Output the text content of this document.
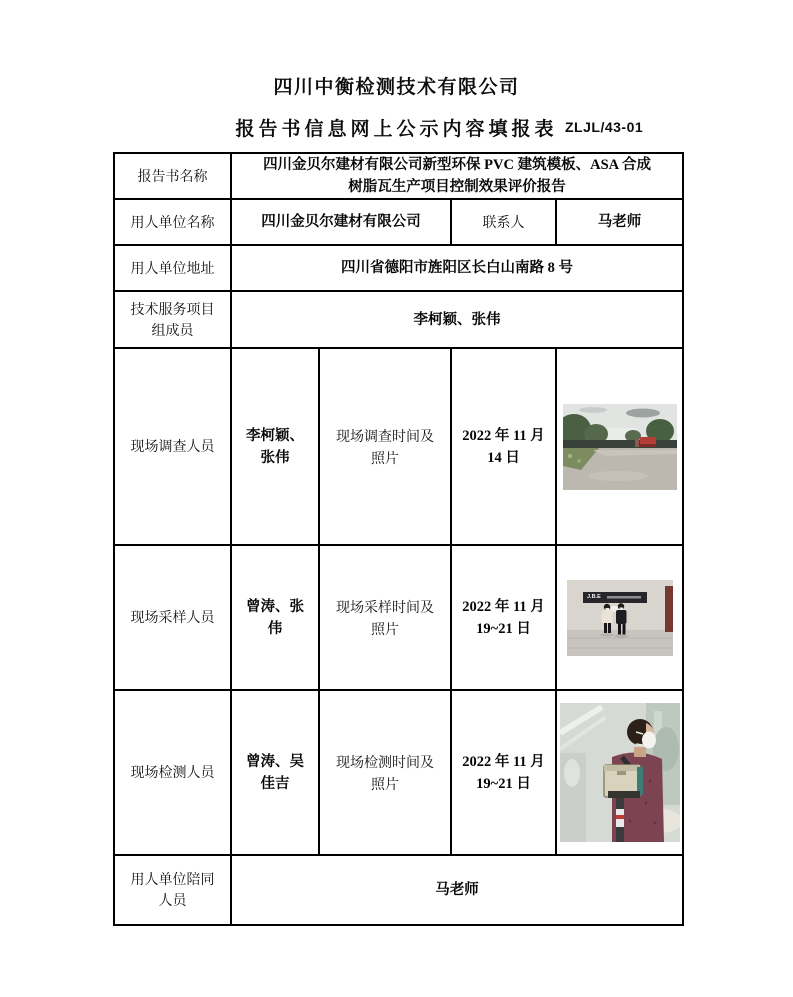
四川中衡检测技术有限公司
报告书信息网上公示内容填报表 ZLJL/43-01
报告书名称	四川金贝尔建材有限公司新型环保 PVC 建筑模板、ASA 合成树脂瓦生产项目控制效果评价报告			
用人单位名称	四川金贝尔建材有限公司		联系人	马老师
用人单位地址	四川省德阳市旌阳区长白山南路 8 号			
技术服务项目组成员	李柯颖、张伟			
现场调查人员	李柯颖、张伟	现场调查时间及照片	2022 年 11 月 14 日	

现场采样人员	曾涛、张伟	现场采样时间及照片	2022 年 11 月 19~21 日	J.B.E

现场检测人员	曾涛、吴佳吉	现场检测时间及照片	2022 年 11 月 19~21 日	

用人单位陪同人员	马老师			
